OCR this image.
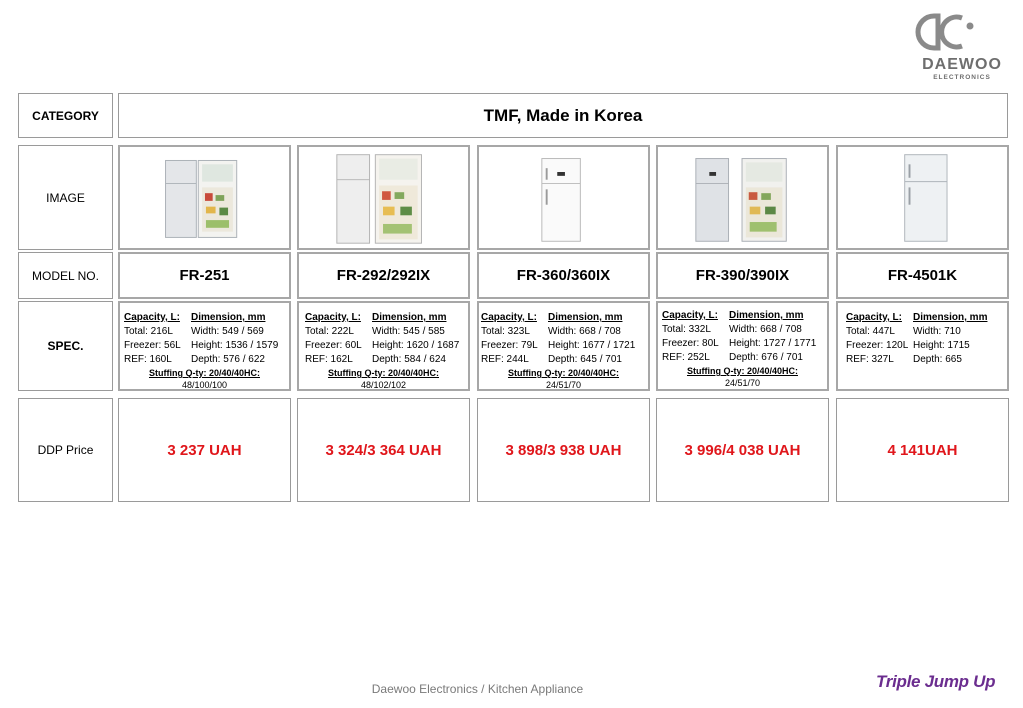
DAEWOO
ELECTRONICS
CATEGORY
IMAGE
MODEL NO.
SPEC.
DDP Price
TMF, Made in Korea
FR-251
Capacity, L:
Total: 216L
Freezer: 56L
REF: 160L
Dimension, mm
Width: 549 / 569
Height: 1536 / 1579
Depth: 576 / 622
Stuffing Q-ty: 20/40/40HC:
48/100/100
3 237 UAH
FR-292/292IX
Capacity, L:
Total: 222L
Freezer: 60L
REF: 162L
Dimension, mm
Width: 545 / 585
Height: 1620 / 1687
Depth: 584 / 624
Stuffing Q-ty: 20/40/40HC:
48/102/102
3 324/3 364 UAH
FR-360/360IX
Capacity, L:
Total: 323L
Freezer: 79L
REF: 244L
Dimension, mm
Width: 668 / 708
Height: 1677 / 1721
Depth: 645 / 701
Stuffing Q-ty: 20/40/40HC:
24/51/70
3 898/3 938 UAH
FR-390/390IX
Capacity, L:
Total: 332L
Freezer: 80L
REF: 252L
Dimension, mm
Width: 668 / 708
Height: 1727 / 1771
Depth: 676 / 701
Stuffing Q-ty: 20/40/40HC:
24/51/70
3 996/4 038 UAH
FR-4501K
Capacity, L:
Total: 447L
Freezer: 120L
REF: 327L
Dimension, mm
Width: 710
Height: 1715
Depth: 665
4 141UAH
Daewoo Electronics / Kitchen Appliance	Triple Jump Up
